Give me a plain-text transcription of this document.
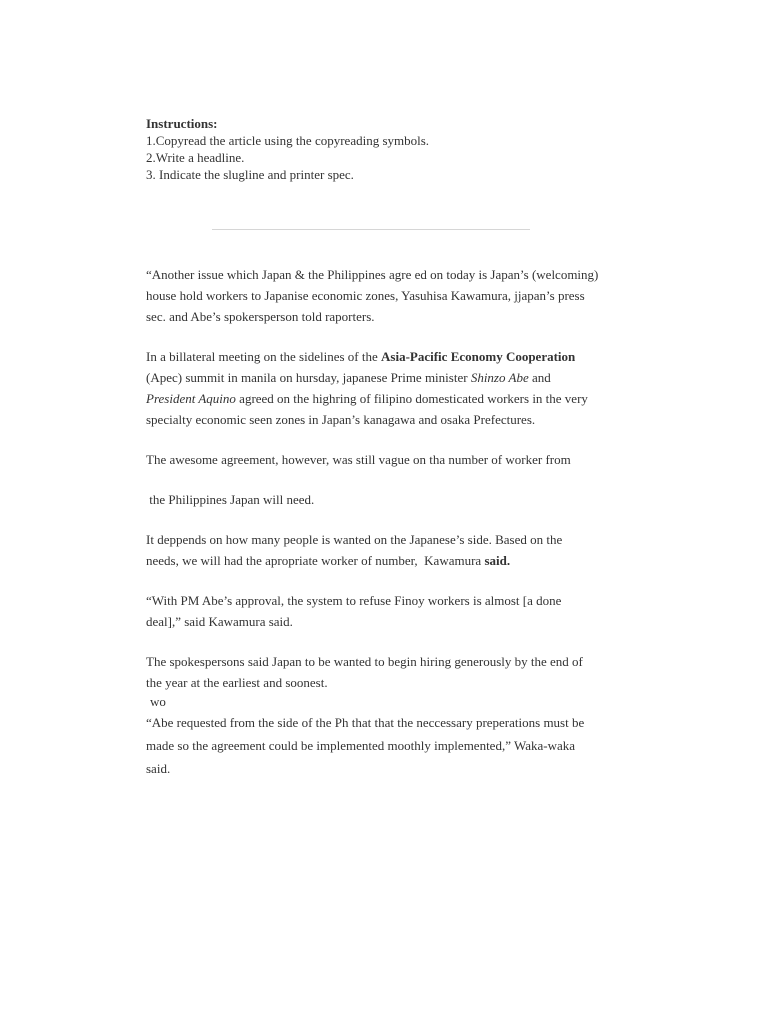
Instructions:
1.Copyread the article using the copyreading symbols.
2.Write a headline.
3. Indicate the slugline and printer spec.

“Another issue which Japan & the Philippines agre ed on today is Japan’s (welcoming)
house hold workers to Japanise economic zones, Yasuhisa Kawamura, jjapan’s press
sec. and Abe’s spokersperson told raporters.

In a billateral meeting on the sidelines of the Asia-Pacific Economy Cooperation
(Apec) summit in manila on hursday, japanese Prime minister Shinzo Abe and
President Aquino agreed on the highring of filipino domesticated workers in the very
specialty economic seen zones in Japan’s kanagawa and osaka Prefectures.

The awesome agreement, however, was still vague on tha number of worker from

the Philippines Japan will need.

It deppends on how many people is wanted on the Japanese’s side. Based on the
needs, we will had the apropriate worker of number,  Kawamura said.

“With PM Abe’s approval, the system to refuse Finoy workers is almost [a done
deal],” said Kawamura said.

The spokespersons said Japan to be wanted to begin hiring generously by the end of
the year at the earliest and soonest.

wo

“Abe requested from the side of the Ph that that the neccessary preperations must be
made so the agreement could be implemented moothly implemented,” Waka-waka
said.
